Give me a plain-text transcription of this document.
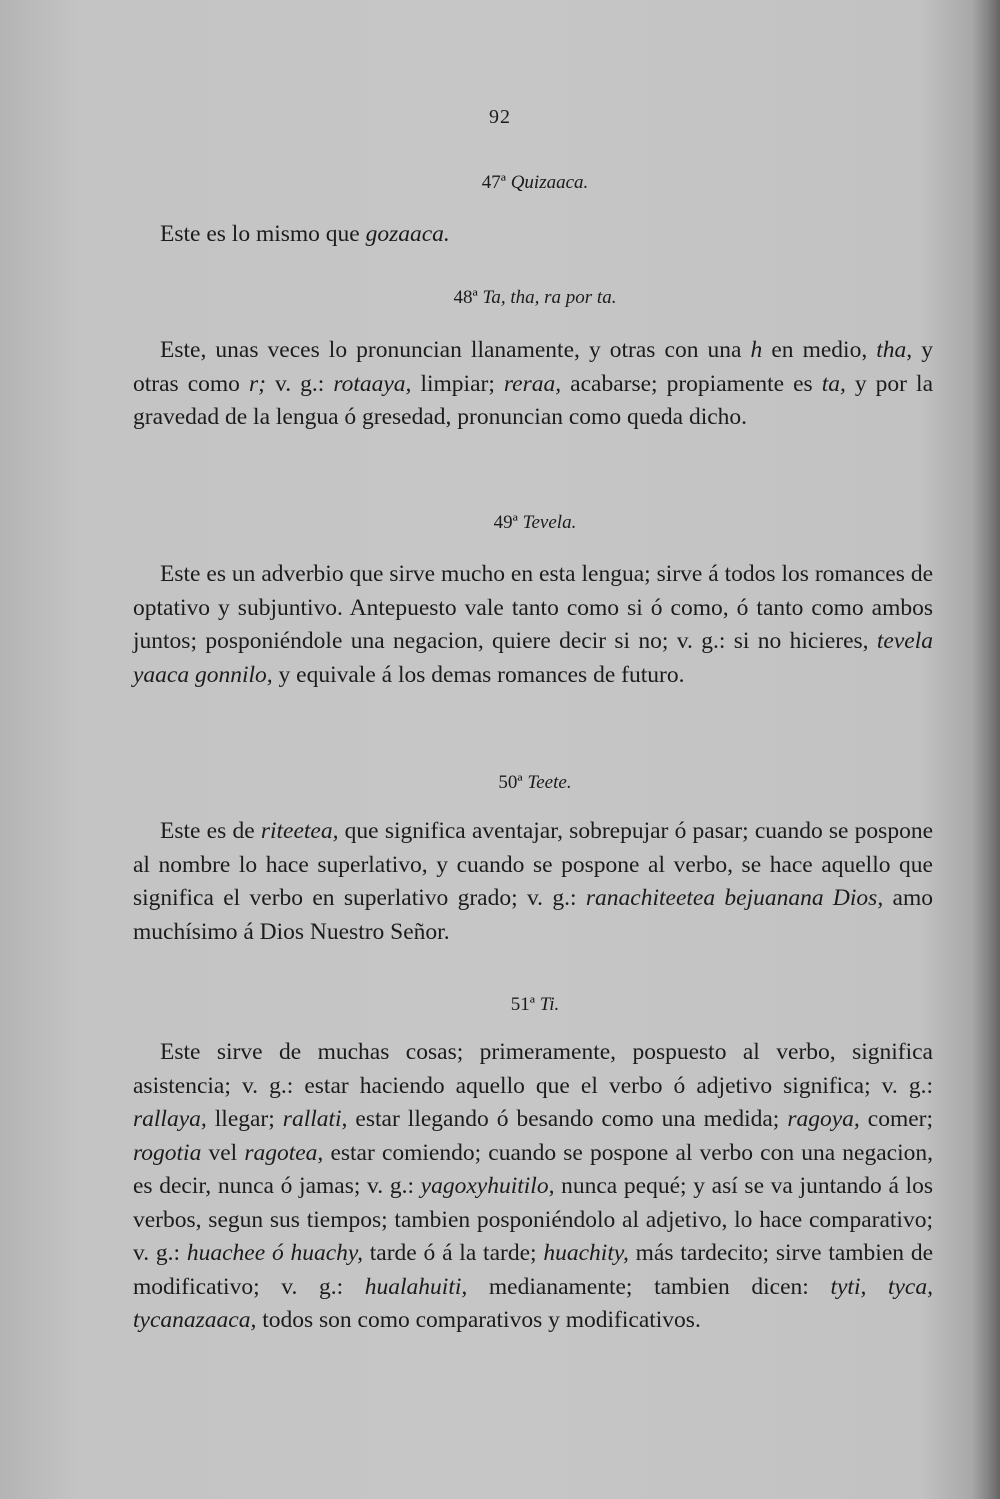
92
47ª Quizaaca.
Este es lo mismo que gozaaca.
48ª Ta, tha, ra por ta.
Este, unas veces lo pronuncian llanamente, y otras con una h en medio, tha, y otras como r; v. g.: rotaaya, limpiar; reraa, acabarse; propiamente es ta, y por la gravedad de la lengua ó gresedad, pronuncian como queda dicho.
49ª Tevela.
Este es un adverbio que sirve mucho en esta lengua; sirve á todos los romances de optativo y subjuntivo. Antepuesto vale tanto como si ó como, ó tanto como ambos juntos; posponiéndole una negacion, quiere decir si no; v. g.: si no hicieres, tevela yaaca gonnilo, y equivale á los demas romances de futuro.
50ª Teete.
Este es de riteetea, que significa aventajar, sobrepujar ó pasar; cuando se pospone al nombre lo hace superlativo, y cuando se pospone al verbo, se hace aquello que significa el verbo en superlativo grado; v. g.: ranachiteetea bejuanana Dios, amo muchísimo á Dios Nuestro Señor.
51ª Ti.
Este sirve de muchas cosas; primeramente, pospuesto al verbo, significa asistencia; v. g.: estar haciendo aquello que el verbo ó adjetivo significa; v. g.: rallaya, llegar; rallati, estar llegando ó besando como una medida; ragoya, comer; rogotia vel ragotea, estar comiendo; cuando se pospone al verbo con una negacion, es decir, nunca ó jamas; v. g.: yagoxyhuitilo, nunca pequé; y así se va juntando á los verbos, segun sus tiempos; tambien posponiéndolo al adjetivo, lo hace comparativo; v. g.: huachee ó huachy, tarde ó á la tarde; huachity, más tardecito; sirve tambien de modificativo; v. g.: hualahuiti, medianamente; tambien dicen: tyti, tyca, tycanazaaca, todos son como comparativos y modificativos.
